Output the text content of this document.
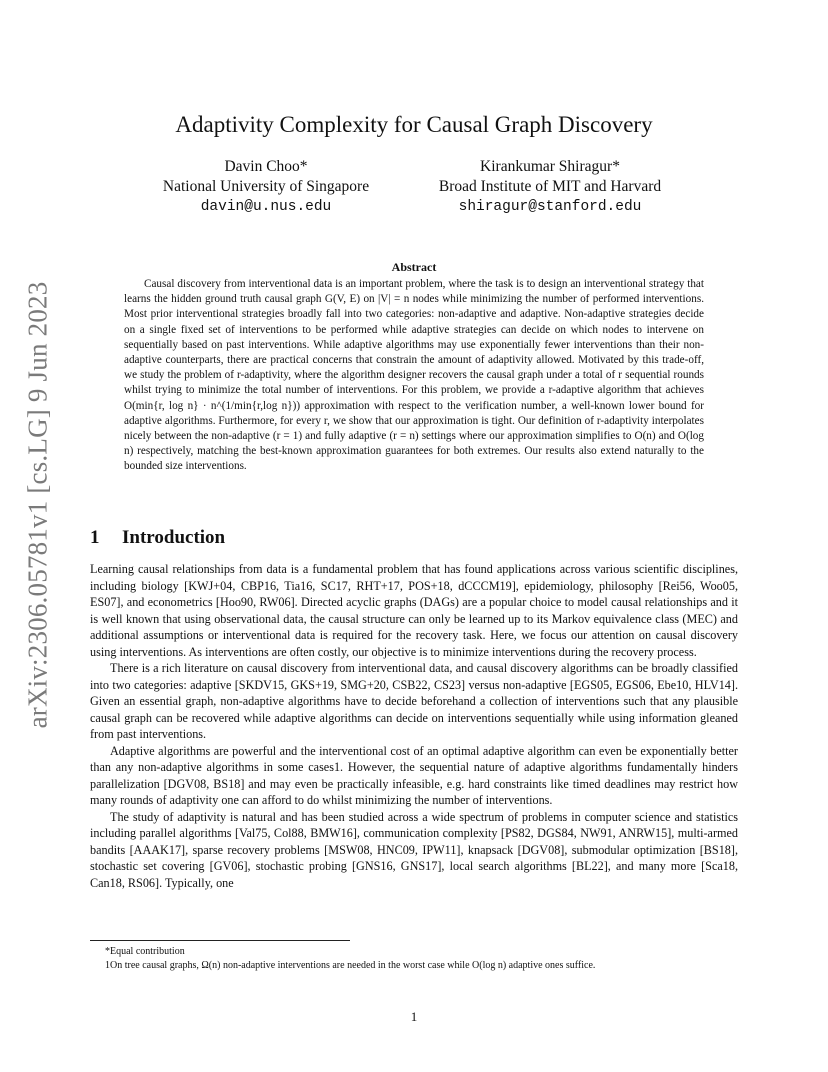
arXiv:2306.05781v1 [cs.LG] 9 Jun 2023
Adaptivity Complexity for Causal Graph Discovery
Davin Choo*
National University of Singapore
davin@u.nus.edu
Kirankumar Shiragur*
Broad Institute of MIT and Harvard
shiragur@stanford.edu
Abstract

Causal discovery from interventional data is an important problem, where the task is to design an interventional strategy that learns the hidden ground truth causal graph G(V, E) on |V| = n nodes while minimizing the number of performed interventions. Most prior interventional strategies broadly fall into two categories: non-adaptive and adaptive. Non-adaptive strategies decide on a single fixed set of interventions to be performed while adaptive strategies can decide on which nodes to intervene on sequentially based on past interventions. While adaptive algorithms may use exponentially fewer interventions than their non-adaptive counterparts, there are practical concerns that constrain the amount of adaptivity allowed. Motivated by this trade-off, we study the problem of r-adaptivity, where the algorithm designer recovers the causal graph under a total of r sequential rounds whilst trying to minimize the total number of interventions. For this problem, we provide a r-adaptive algorithm that achieves O(min{r, log n} · n^(1/min{r,log n})) approximation with respect to the verification number, a well-known lower bound for adaptive algorithms. Furthermore, for every r, we show that our approximation is tight. Our definition of r-adaptivity interpolates nicely between the non-adaptive (r = 1) and fully adaptive (r = n) settings where our approximation simplifies to O(n) and O(log n) respectively, matching the best-known approximation guarantees for both extremes. Our results also extend naturally to the bounded size interventions.

1 Introduction

Learning causal relationships from data is a fundamental problem that has found applications across various scientific disciplines, including biology [KWJ+04, CBP16, Tia16, SC17, RHT+17, POS+18, dCCCM19], epidemiology, philosophy [Rei56, Woo05, ES07], and econometrics [Hoo90, RW06]. Directed acyclic graphs (DAGs) are a popular choice to model causal relationships and it is well known that using observational data, the causal structure can only be learned up to its Markov equivalence class (MEC) and additional assumptions or interventional data is required for the recovery task. Here, we focus our attention on causal discovery using interventions. As interventions are often costly, our objective is to minimize interventions during the recovery process.

There is a rich literature on causal discovery from interventional data, and causal discovery algorithms can be broadly classified into two categories: adaptive [SKDV15, GKS+19, SMG+20, CSB22, CS23] versus non-adaptive [EGS05, EGS06, Ebe10, HLV14]. Given an essential graph, non-adaptive algorithms have to decide beforehand a collection of interventions such that any plausible causal graph can be recovered while adaptive algorithms can decide on interventions sequentially while using information gleaned from past interventions.

Adaptive algorithms are powerful and the interventional cost of an optimal adaptive algorithm can even be exponentially better than any non-adaptive algorithms in some cases1. However, the sequential nature of adaptive algorithms fundamentally hinders parallelization [DGV08, BS18] and may even be practically infeasible, e.g. hard constraints like timed deadlines may restrict how many rounds of adaptivity one can afford to do whilst minimizing the number of interventions.

The study of adaptivity is natural and has been studied across a wide spectrum of problems in computer science and statistics including parallel algorithms [Val75, Col88, BMW16], communication complexity [PS82, DGS84, NW91, ANRW15], multi-armed bandits [AAAK17], sparse recovery problems [MSW08, HNC09, IPW11], knapsack [DGV08], submodular optimization [BS18], stochastic set covering [GV06], stochastic probing [GNS16, GNS17], local search algorithms [BL22], and many more [Sca18, Can18, RS06]. Typically, one

*Equal contribution
1On tree causal graphs, Ω(n) non-adaptive interventions are needed in the worst case while O(log n) adaptive ones suffice.
1
